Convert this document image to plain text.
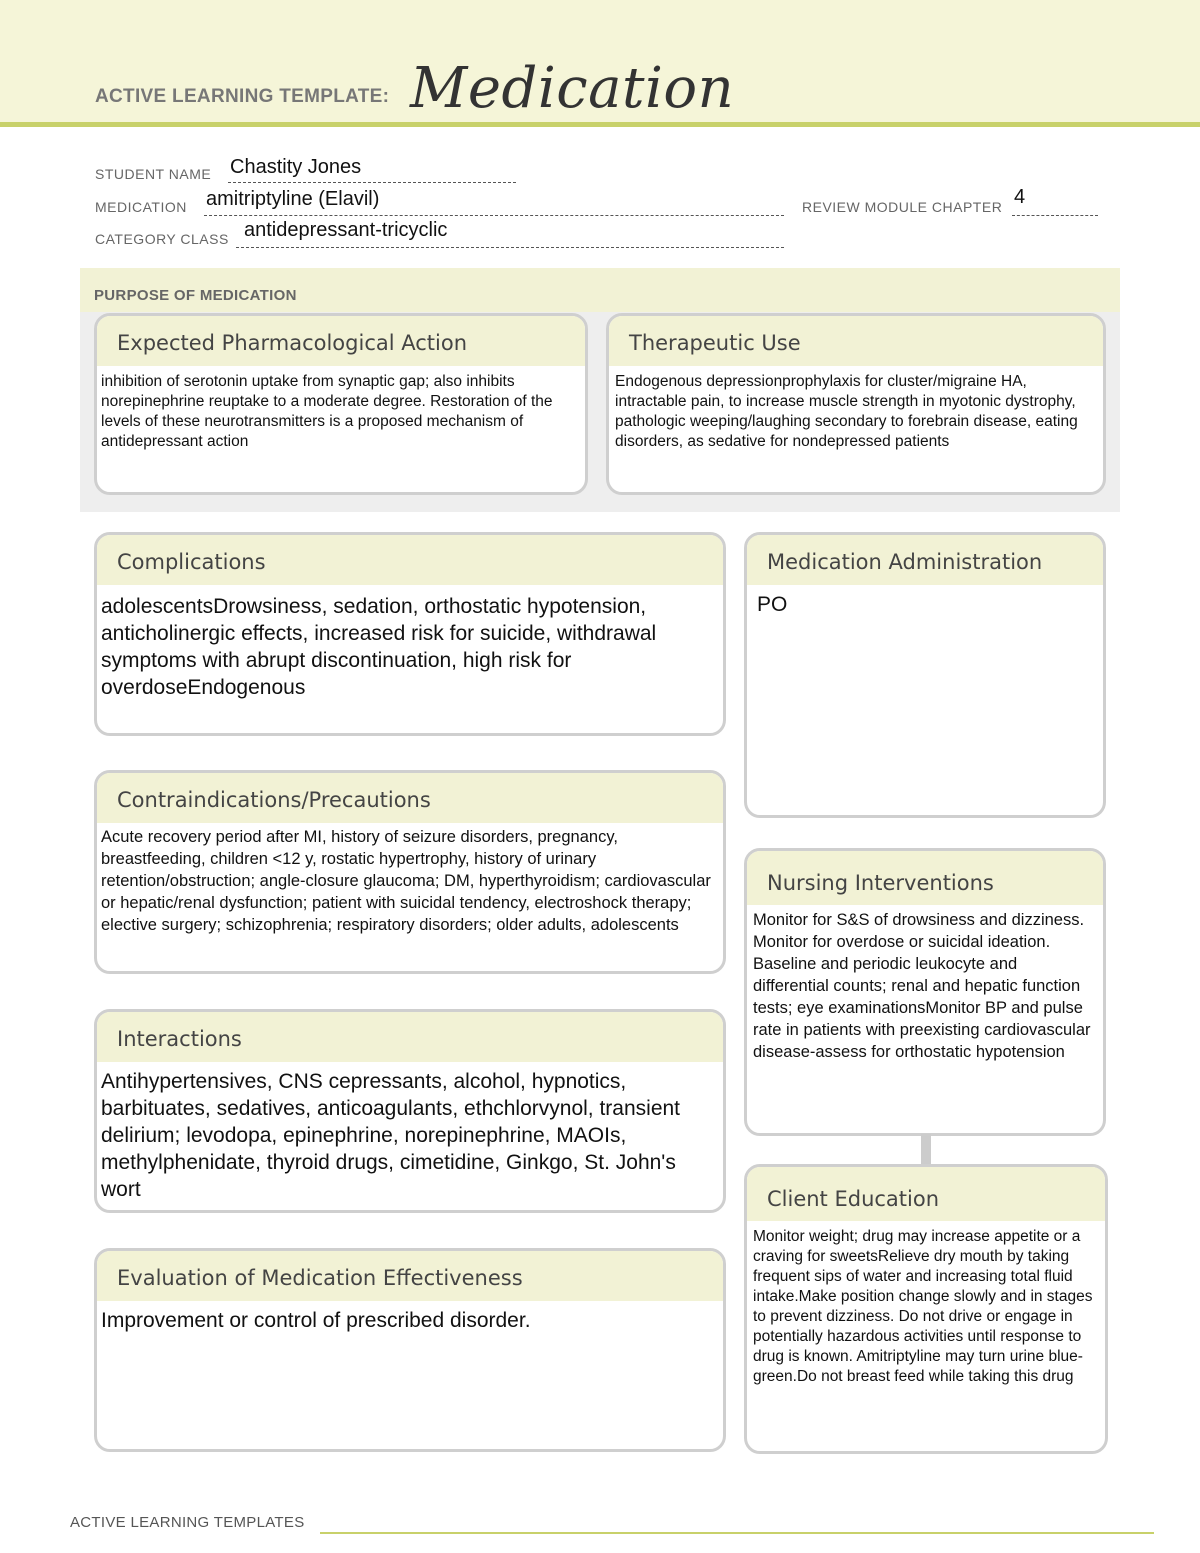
ACTIVE LEARNING TEMPLATE: Medication
STUDENT NAME Chastity Jones
MEDICATION amitriptyline (Elavil)	REVIEW MODULE CHAPTER 4
CATEGORY CLASS antidepressant-tricyclic
PURPOSE OF MEDICATION
Expected Pharmacological Action
inhibition of serotonin uptake from synaptic gap; also inhibits norepinephrine reuptake to a moderate degree. Restoration of the levels of these neurotransmitters is a proposed mechanism of antidepressant action
Therapeutic Use
Endogenous depressionprophylaxis for cluster/migraine HA, intractable pain, to increase muscle strength in myotonic dystrophy, pathologic weeping/laughing secondary to forebrain disease, eating disorders, as sedative for nondepressed patients
Complications
adolescentsDrowsiness, sedation, orthostatic hypotension, anticholinergic effects, increased risk for suicide, withdrawal symptoms with abrupt discontinuation, high risk for overdoseEndogenous
Medication Administration
PO
Contraindications/Precautions
Acute recovery period after MI, history of seizure disorders, pregnancy, breastfeeding, children <12 y, rostatic hypertrophy, history of urinary retention/obstruction; angle-closure glaucoma; DM, hyperthyroidism; cardiovascular or hepatic/renal dysfunction; patient with suicidal tendency, electroshock therapy; elective surgery; schizophrenia; respiratory disorders; older adults, adolescents
Nursing Interventions
Monitor for S&S of drowsiness and dizziness. Monitor for overdose or suicidal ideation. Baseline and periodic leukocyte and differential counts; renal and hepatic function tests; eye examinationsMonitor BP and pulse rate in patients with preexisting cardiovascular disease-assess for orthostatic hypotension
Interactions
Antihypertensives, CNS cepressants, alcohol, hypnotics, barbituates, sedatives, anticoagulants, ethchlorvynol, transient delirium; levodopa, epinephrine, norepinephrine, MAOIs, methylphenidate, thyroid drugs, cimetidine, Ginkgo, St. John's wort	Client Education
Monitor weight; drug may increase appetite or a craving for sweetsRelieve dry mouth by taking frequent sips of water and increasing total fluid intake.Make position change slowly and in stages to prevent dizziness. Do not drive or engage in potentially hazardous activities until response to drug is known. Amitriptyline may turn urine blue-green.Do not breast feed while taking this drug
Evaluation of Medication Effectiveness
Improvement or control of prescribed disorder.
ACTIVE LEARNING TEMPLATES
